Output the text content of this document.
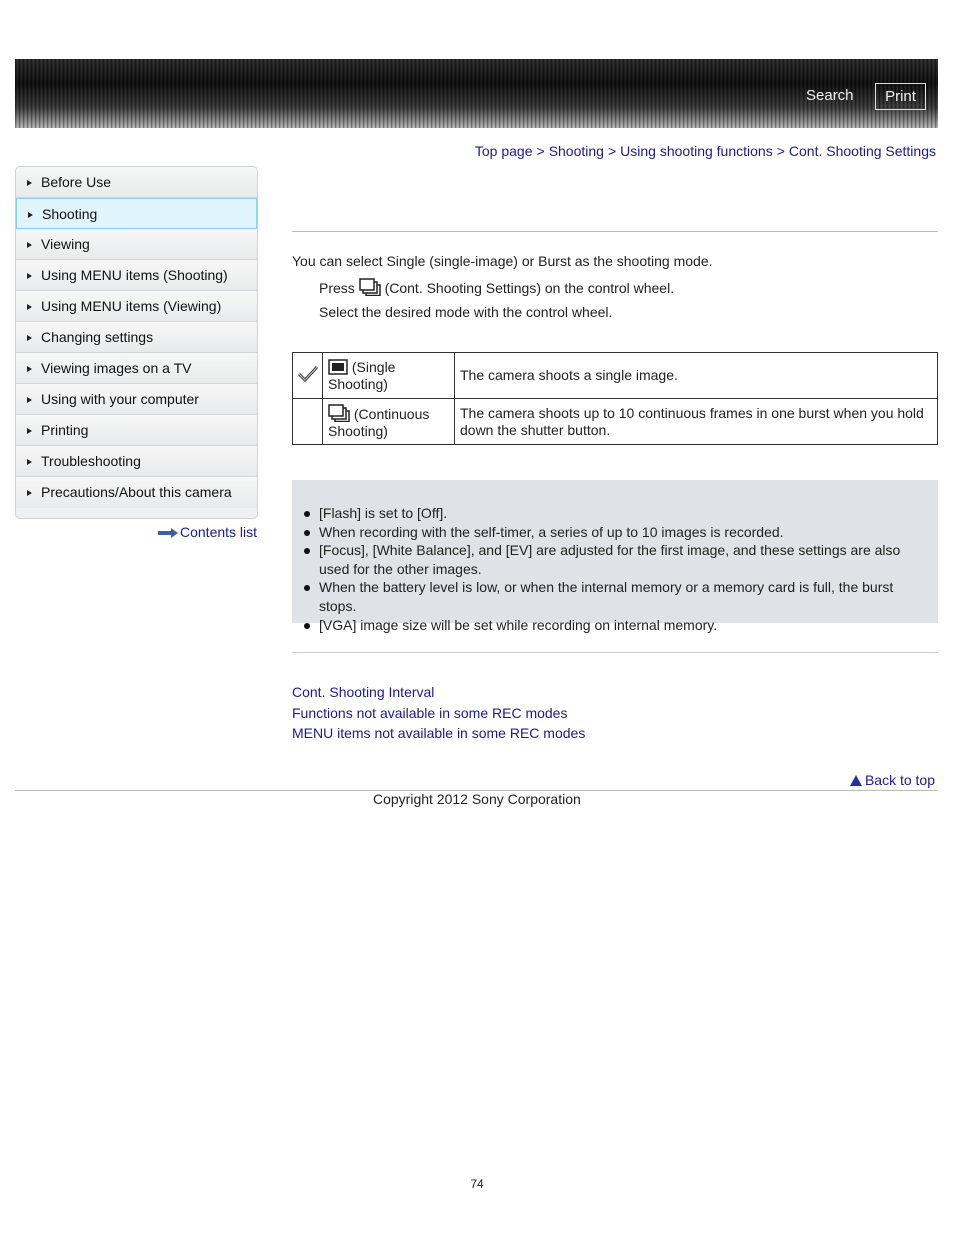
Search	Print
Top page > Shooting > Using shooting functions > Cont. Shooting Settings
Before Use
Shooting
Viewing
Using MENU items (Shooting)
Using MENU items (Viewing)
Changing settings
Viewing images on a TV
Using with your computer
Printing
Troubleshooting
Precautions/About this camera
Contents list
You can select Single (single-image) or Burst as the shooting mode.
Press (Cont. Shooting Settings) on the control wheel.
Select the desired mode with the control wheel.
	(Single Shooting)	The camera shoots a single image.
	(Continuous Shooting)	The camera shoots up to 10 continuous frames in one burst when you hold down the shutter button.
[Flash] is set to [Off].
When recording with the self-timer, a series of up to 10 images is recorded.
[Focus], [White Balance], and [EV] are adjusted for the first image, and these settings are also used for the other images.
When the battery level is low, or when the internal memory or a memory card is full, the burst stops.
[VGA] image size will be set while recording on internal memory.
Cont. Shooting Interval
Functions not available in some REC modes
MENU items not available in some REC modes
Back to top
Copyright 2012 Sony Corporation
74
